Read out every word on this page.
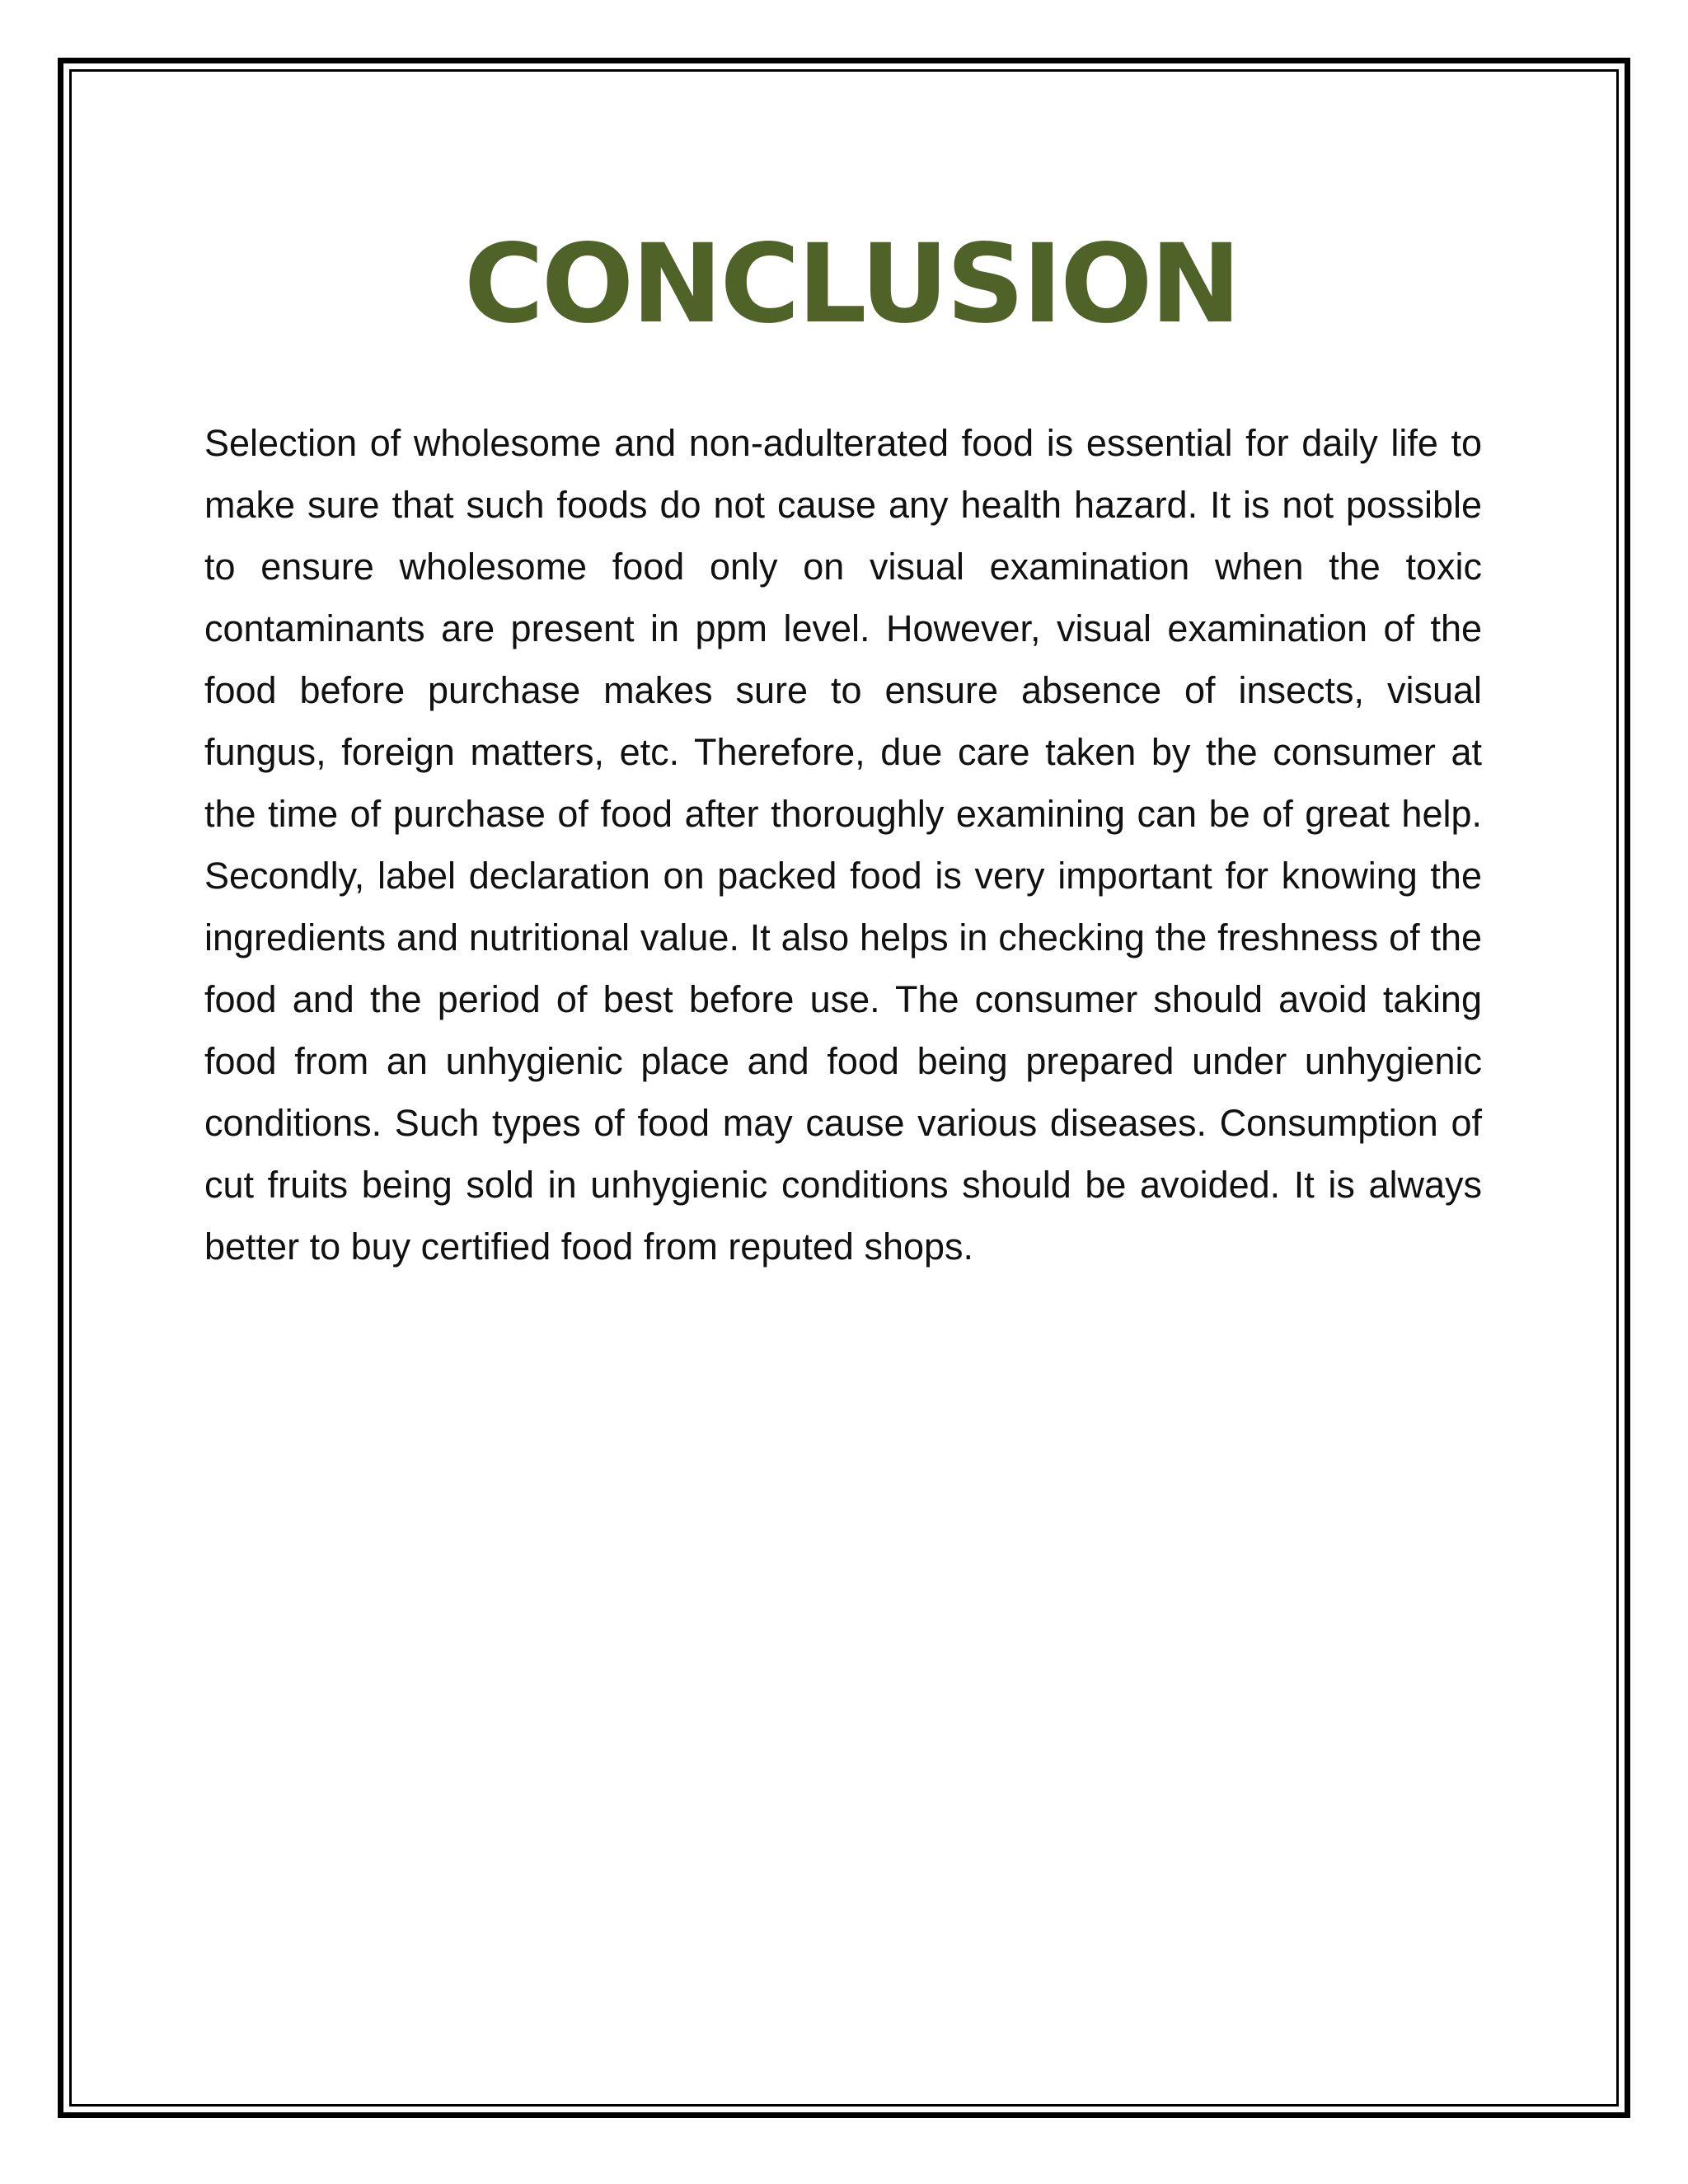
CONCLUSION

Selection of wholesome and non-adulterated food is essential for daily life to make sure that such foods do not cause any health hazard. It is not possible to ensure wholesome food only on visual examination when the toxic contaminants are present in ppm level. However, visual examination of the food before purchase makes sure to ensure absence of insects, visual fungus, foreign matters, etc. Therefore, due care taken by the consumer at the time of purchase of food after thoroughly examining can be of great help. Secondly, label declaration on packed food is very important for knowing the ingredients and nutritional value. It also helps in checking the freshness of the food and the period of best before use. The consumer should avoid taking food from an unhygienic place and food being prepared under unhygienic conditions. Such types of food may cause various diseases. Consumption of cut fruits being sold in unhygienic conditions should be avoided. It is always better to buy certified food from reputed shops.
